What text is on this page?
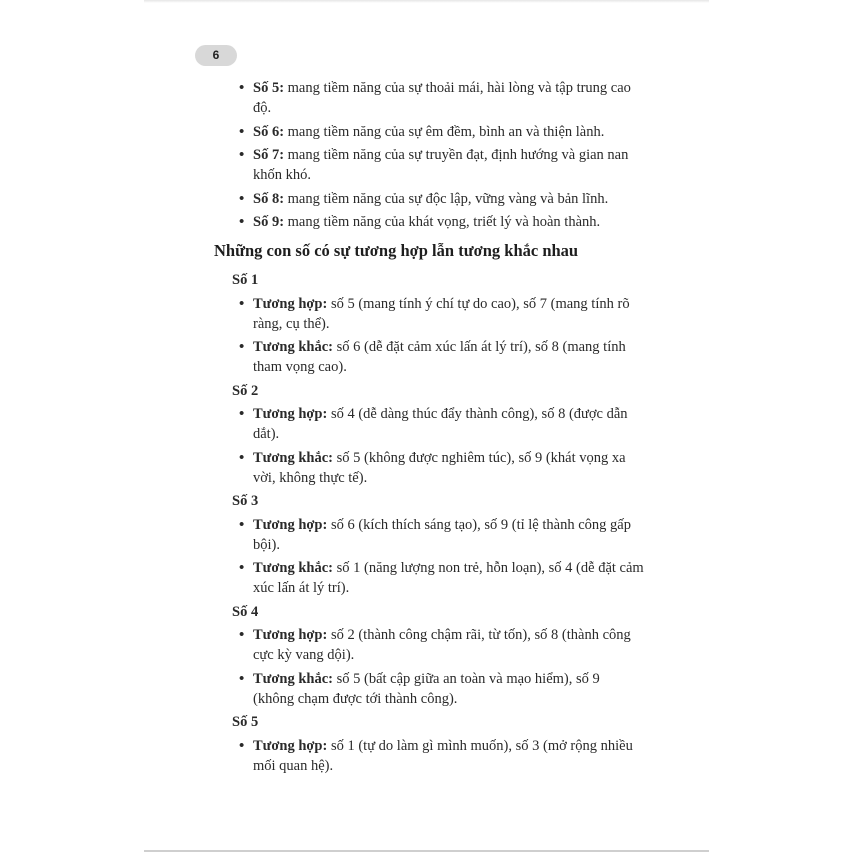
6
• Số 5: mang tiềm năng của sự thoải mái, hài lòng và tập trung cao độ.
• Số 6: mang tiềm năng của sự êm đềm, bình an và thiện lành.
• Số 7: mang tiềm năng của sự truyền đạt, định hướng và gian nan khốn khó.
• Số 8: mang tiềm năng của sự độc lập, vững vàng và bản lĩnh.
• Số 9: mang tiềm năng của khát vọng, triết lý và hoàn thành.
Những con số có sự tương hợp lẫn tương khắc nhau
Số 1
• Tương hợp: số 5 (mang tính ý chí tự do cao), số 7 (mang tính rõ ràng, cụ thể).
• Tương khắc: số 6 (dễ đặt cảm xúc lấn át lý trí), số 8 (mang tính tham vọng cao).
Số 2
• Tương hợp: số 4 (dễ dàng thúc đẩy thành công), số 8 (được dẫn dắt).
• Tương khắc: số 5 (không được nghiêm túc), số 9 (khát vọng xa vời, không thực tế).
Số 3
• Tương hợp: số 6 (kích thích sáng tạo), số 9 (tỉ lệ thành công gấp bội).
• Tương khắc: số 1 (năng lượng non trẻ, hỗn loạn), số 4 (dễ đặt cảm xúc lấn át lý trí).
Số 4
• Tương hợp: số 2 (thành công chậm rãi, từ tốn), số 8 (thành công cực kỳ vang dội).
• Tương khắc: số 5 (bất cập giữa an toàn và mạo hiểm), số 9 (không chạm được tới thành công).
Số 5
• Tương hợp: số 1 (tự do làm gì mình muốn), số 3 (mở rộng nhiều mối quan hệ).
